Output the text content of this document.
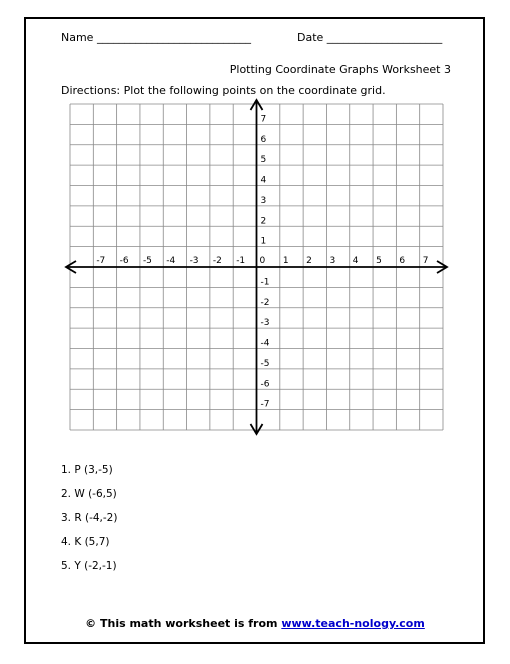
Name ____________________________	Date _____________________
Plotting Coordinate Graphs Worksheet 3
Directions: Plot the following points on the coordinate grid.
-7 -6 -5 -4 -3 -2 -1 0 1 2 3 4 5 6 7
7
6
5
4
3
2
1
-1
-2
-3
-4
-5
-6
-7
1. P (3,-5)
2. W (-6,5)
3. R (-4,-2)
4. K (5,7)
5. Y (-2,-1)
© This math worksheet is from www.teach-nology.com
